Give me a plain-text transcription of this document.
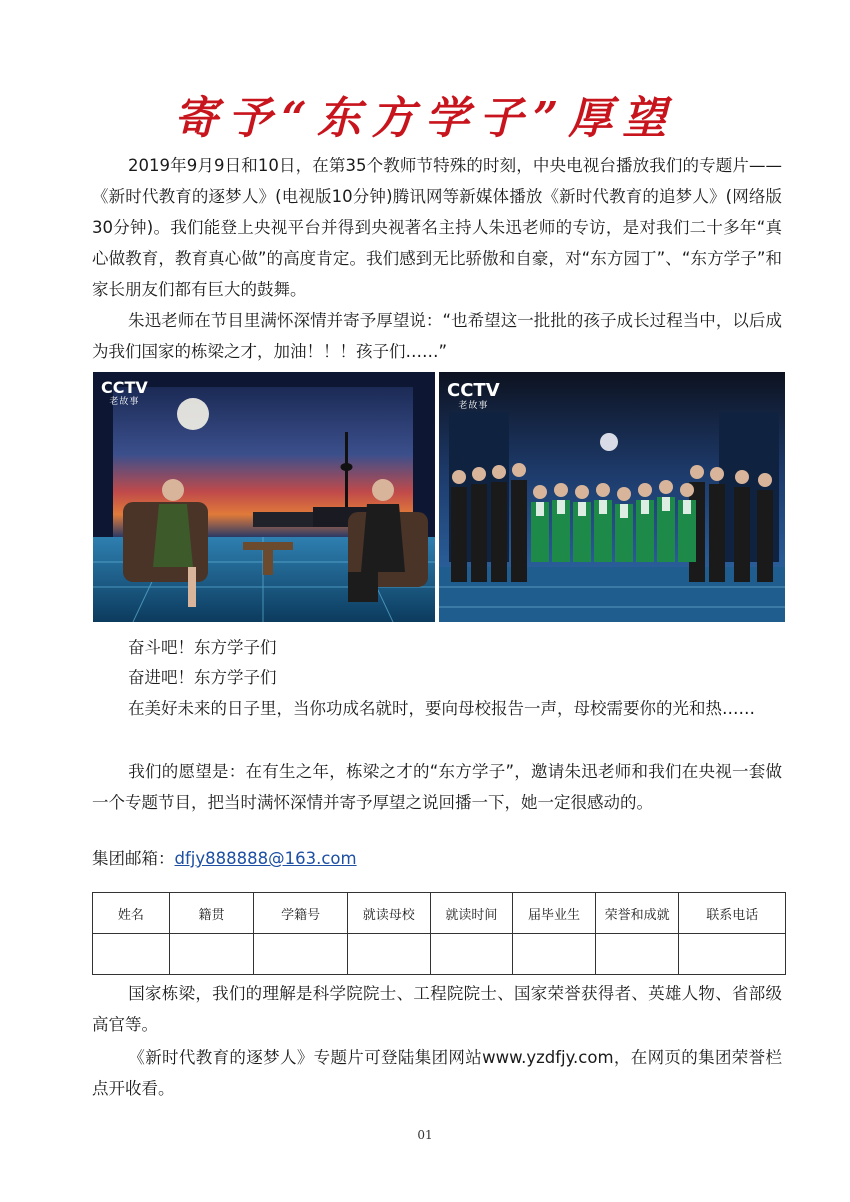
寄予“东方学子”厚望

2019年9月9日和10日，在第35个教师节特殊的时刻，中央电视台播放我们的专题片——《新时代教育的逐梦人》(电视版10分钟)腾讯网等新媒体播放《新时代教育的追梦人》(网络版30分钟)。我们能登上央视平台并得到央视著名主持人朱迅老师的专访，是对我们二十多年“真心做教育，教育真心做”的高度肯定。我们感到无比骄傲和自豪，对“东方园丁”、“东方学子”和家长朋友们都有巨大的鼓舞。

朱迅老师在节目里满怀深情并寄予厚望说：“也希望这一批批的孩子成长过程当中，以后成为我们国家的栋梁之才，加油！！！孩子们……”

CCTV
老故事
CCTV
老故事

奋斗吧！东方学子们

奋进吧！东方学子们

在美好未来的日子里，当你功成名就时，要向母校报告一声，母校需要你的光和热……

我们的愿望是：在有生之年，栋梁之才的“东方学子”，邀请朱迅老师和我们在央视一套做一个专题节目，把当时满怀深情并寄予厚望之说回播一下，她一定很感动的。

集团邮箱：dfjy888888@163.com
姓名	籍贯	学籍号	就读母校	就读时间	届毕业生	荣誉和成就	联系电话

国家栋梁，我们的理解是科学院院士、工程院院士、国家荣誉获得者、英雄人物、省部级高官等。

《新时代教育的逐梦人》专题片可登陆集团网站www.yzdfjy.com，在网页的集团荣誉栏点开收看。

01
